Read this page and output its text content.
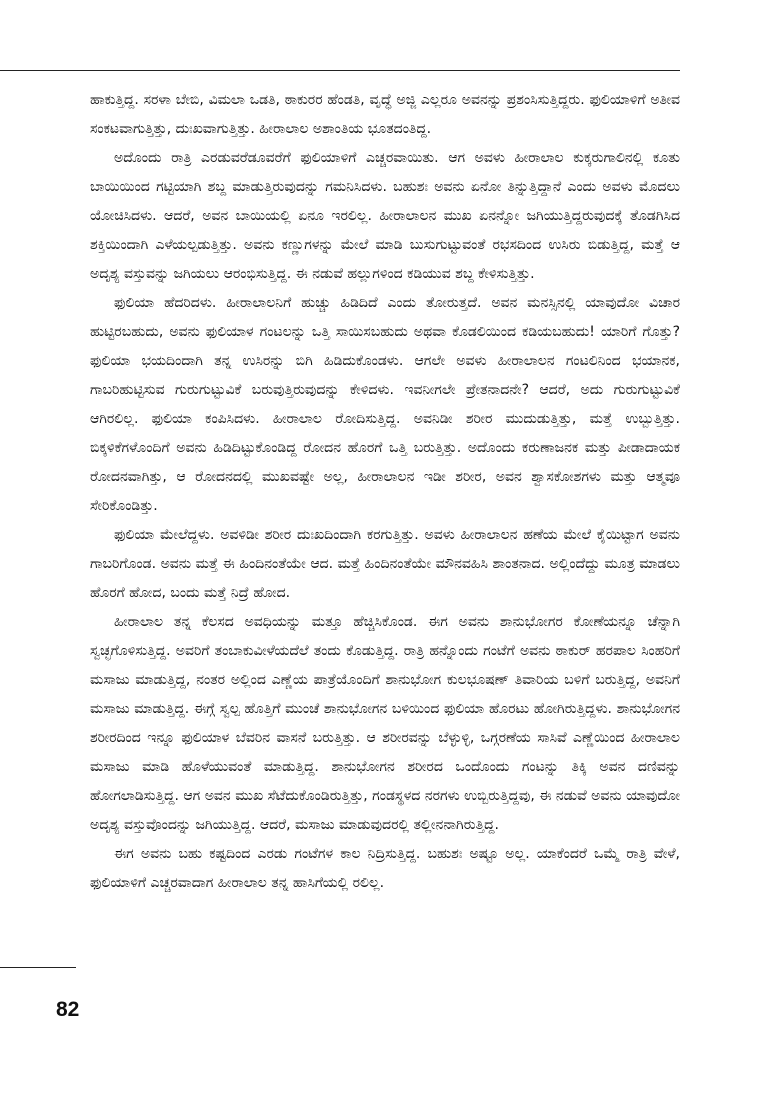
ಹಾಕುತ್ತಿದ್ದ. ಸರಳಾ ಬೇಬಿ, ವಿಮಲಾ ಒಡತಿ, ಠಾಕುರರ ಹೆಂಡತಿ, ವೃದ್ಧೆ ಅಜ್ಜಿ ಎಲ್ಲರೂ ಅವನನ್ನು ಪ್ರಶಂಸಿಸುತ್ತಿದ್ದರು. ಫುಲಿಯಾಳಿಗೆ ಅತೀವ ಸಂಕಟವಾಗುತ್ತಿತ್ತು, ದುಃಖವಾಗುತ್ತಿತ್ತು. ಹೀರಾಲಾಲ ಅಶಾಂತಿಯ ಭೂತದಂತಿದ್ದ.

ಅದೊಂದು ರಾತ್ರಿ ಎರಡುವರೆಡೂವರೆಗೆ ಫುಲಿಯಾಳಿಗೆ ಎಚ್ಚರವಾಯಿತು. ಆಗ ಅವಳು ಹೀರಾಲಾಲ ಕುಕ್ಕರುಗಾಲಿನಲ್ಲಿ ಕೂತು ಬಾಯಿಯಿಂದ ಗಟ್ಟಿಯಾಗಿ ಶಬ್ದ ಮಾಡುತ್ತಿರುವುದನ್ನು ಗಮನಿಸಿದಳು. ಬಹುಶಃ ಅವನು ಏನೋ ತಿನ್ನುತ್ತಿದ್ದಾನೆ ಎಂದು ಅವಳು ಮೊದಲು ಯೋಚಿಸಿದಳು. ಆದರೆ, ಅವನ ಬಾಯಿಯಲ್ಲಿ ಏನೂ ಇರಲಿಲ್ಲ. ಹೀರಾಲಾಲನ ಮುಖ ಏನನ್ನೋ ಜಗಿಯುತ್ತಿದ್ದರುವುದಕ್ಕೆ ತೊಡಗಿಸಿದ ಶಕ್ತಿಯಿಂದಾಗಿ ಎಳೆಯಲ್ಪಡುತ್ತಿತ್ತು. ಅವನು ಕಣ್ಣುಗಳನ್ನು ಮೇಲೆ ಮಾಡಿ ಬುಸುಗುಟ್ಟುವಂತೆ ರಭಸದಿಂದ ಉಸಿರು ಬಿಡುತ್ತಿದ್ದ, ಮತ್ತೆ ಆ ಅದೃಶ್ಯ ವಸ್ತುವನ್ನು ಜಗಿಯಲು ಆರಂಭಿಸುತ್ತಿದ್ದ. ಈ ನಡುವೆ ಹಲ್ಲುಗಳಿಂದ ಕಡಿಯುವ ಶಬ್ದ ಕೇಳಿಸುತ್ತಿತ್ತು.

ಫುಲಿಯಾ ಹೆದರಿದಳು. ಹೀರಾಲಾಲನಿಗೆ ಹುಚ್ಚು ಹಿಡಿದಿದೆ ಎಂದು ತೋರುತ್ತದೆ. ಅವನ ಮನಸ್ಸಿನಲ್ಲಿ ಯಾವುದೋ ವಿಚಾರ ಹುಟ್ಟಿರಬಹುದು, ಅವನು ಫುಲಿಯಾಳ ಗಂಟಲನ್ನು ಒತ್ತಿ ಸಾಯಿಸಬಹುದು ಅಥವಾ ಕೊಡಲಿಯಿಂದ ಕಡಿಯಬಹುದು! ಯಾರಿಗೆ ಗೊತ್ತು? ಫುಲಿಯಾ ಭಯದಿಂದಾಗಿ ತನ್ನ ಉಸಿರನ್ನು ಬಿಗಿ ಹಿಡಿದುಕೊಂಡಳು. ಆಗಲೇ ಅವಳು ಹೀರಾಲಾಲನ ಗಂಟಲಿನಿಂದ ಭಯಾನಕ, ಗಾಬರಿಹುಟ್ಟಿಸುವ ಗುರುಗುಟ್ಟುವಿಕೆ ಬರುವುತ್ತಿರುವುದನ್ನು ಕೇಳಿದಳು. ಇವನೀಗಲೇ ಪ್ರೇತನಾದನೇ? ಆದರೆ, ಅದು ಗುರುಗುಟ್ಟುವಿಕೆ ಆಗಿರಲಿಲ್ಲ. ಫುಲಿಯಾ ಕಂಪಿಸಿದಳು. ಹೀರಾಲಾಲ ರೋದಿಸುತ್ತಿದ್ದ. ಅವನಿಡೀ ಶರೀರ ಮುದುಡುತ್ತಿತ್ತು, ಮತ್ತೆ ಉಬ್ಬುತ್ತಿತ್ತು. ಬಿಕ್ಕಳಿಕೆಗಳೊಂದಿಗೆ ಅವನು ಹಿಡಿದಿಟ್ಟುಕೊಂಡಿದ್ದ ರೋದನ ಹೊರಗೆ ಒತ್ತಿ ಬರುತ್ತಿತ್ತು. ಅದೊಂದು ಕರುಣಾಜನಕ ಮತ್ತು ಪೀಡಾದಾಯಕ ರೋದನವಾಗಿತ್ತು, ಆ ರೋದನದಲ್ಲಿ ಮುಖವಷ್ಟೇ ಅಲ್ಲ, ಹೀರಾಲಾಲನ ಇಡೀ ಶರೀರ, ಅವನ ಶ್ವಾಸಕೋಶಗಳು ಮತ್ತು ಆತ್ಮವೂ ಸೇರಿಕೊಂಡಿತ್ತು.

ಫುಲಿಯಾ ಮೇಲೆದ್ದಳು. ಅವಳಿಡೀ ಶರೀರ ದುಃಖದಿಂದಾಗಿ ಕರಗುತ್ತಿತ್ತು. ಅವಳು ಹೀರಾಲಾಲನ ಹಣೆಯ ಮೇಲೆ ಕೈಯಿಟ್ಟಾಗ ಅವನು ಗಾಬರಿಗೊಂಡ. ಅವನು ಮತ್ತೆ ಈ ಹಿಂದಿನಂತೆಯೇ ಆದ. ಮತ್ತೆ ಹಿಂದಿನಂತೆಯೇ ಮೌನವಹಿಸಿ ಶಾಂತನಾದ. ಅಲ್ಲಿಂದೆದ್ದು ಮೂತ್ರ ಮಾಡಲು ಹೊರಗೆ ಹೋದ, ಬಂದು ಮತ್ತೆ ನಿದ್ರೆ ಹೋದ.

ಹೀರಾಲಾಲ ತನ್ನ ಕೆಲಸದ ಅವಧಿಯನ್ನು ಮತ್ತೂ ಹೆಚ್ಚಿಸಿಕೊಂಡ. ಈಗ ಅವನು ಶಾನುಭೋಗರ ಕೋಣೆಯನ್ನೂ ಚೆನ್ನಾಗಿ ಸ್ವಚ್ಛಗೊಳಿಸುತ್ತಿದ್ದ. ಅವರಿಗೆ ತಂಬಾಕುವೀಳೆಯದೆಲೆ ತಂದು ಕೊಡುತ್ತಿದ್ದ. ರಾತ್ರಿ ಹನ್ನೊಂದು ಗಂಟೆಗೆ ಅವನು ಠಾಕುರ್ ಹರಪಾಲ ಸಿಂಹರಿಗೆ ಮಸಾಜು ಮಾಡುತ್ತಿದ್ದ, ನಂತರ ಅಲ್ಲಿಂದ ಎಣ್ಣೆಯ ಪಾತ್ರೆಯೊಂದಿಗೆ ಶಾನುಭೋಗ ಕುಲಭೂಷಣ್ ತಿವಾರಿಯ ಬಳಿಗೆ ಬರುತ್ತಿದ್ದ, ಅವನಿಗೆ ಮಸಾಜು ಮಾಡುತ್ತಿದ್ದ. ಈಗ್ಗೆ ಸ್ವಲ್ಪ ಹೊತ್ತಿಗೆ ಮುಂಚೆ ಶಾನುಭೋಗನ ಬಳಿಯಿಂದ ಫುಲಿಯಾ ಹೊರಟು ಹೋಗಿರುತ್ತಿದ್ದಳು. ಶಾನುಭೋಗನ ಶರೀರದಿಂದ ಇನ್ನೂ ಫುಲಿಯಾಳ ಬೆವರಿನ ವಾಸನೆ ಬರುತ್ತಿತ್ತು. ಆ ಶರೀರವನ್ನು ಬೆಳ್ಳುಳ್ಳಿ, ಒಗ್ಗರಣೆಯ ಸಾಸಿವೆ ಎಣ್ಣೆಯಿಂದ ಹೀರಾಲಾಲ ಮಸಾಜು ಮಾಡಿ ಹೊಳೆಯುವಂತೆ ಮಾಡುತ್ತಿದ್ದ. ಶಾನುಭೋಗನ ಶರೀರದ ಒಂದೊಂದು ಗಂಟನ್ನು ತಿಕ್ಕಿ ಅವನ ದಣಿವನ್ನು ಹೋಗಲಾಡಿಸುತ್ತಿದ್ದ. ಆಗ ಅವನ ಮುಖ ಸೆಟೆದುಕೊಂಡಿರುತ್ತಿತ್ತು, ಗಂಡಸ್ಥಳದ ನರಗಳು ಉಬ್ಬಿರುತ್ತಿದ್ದವು, ಈ ನಡುವೆ ಅವನು ಯಾವುದೋ ಅದೃಶ್ಯ ವಸ್ತುವೊಂದನ್ನು ಜಗಿಯುತ್ತಿದ್ದ. ಆದರೆ, ಮಸಾಜು ಮಾಡುವುದರಲ್ಲಿ ತಲ್ಲೀನನಾಗಿರುತ್ತಿದ್ದ.

ಈಗ ಅವನು ಬಹು ಕಷ್ಟದಿಂದ ಎರಡು ಗಂಟೆಗಳ ಕಾಲ ನಿದ್ರಿಸುತ್ತಿದ್ದ. ಬಹುಶಃ ಅಷ್ಟೂ ಅಲ್ಲ. ಯಾಕೆಂದರೆ ಒಮ್ಮೆ ರಾತ್ರಿ ವೇಳೆ, ಫುಲಿಯಾಳಿಗೆ ಎಚ್ಚರವಾದಾಗ ಹೀರಾಲಾಲ ತನ್ನ ಹಾಸಿಗೆಯಲ್ಲಿ ರಲಿಲ್ಲ.

82
